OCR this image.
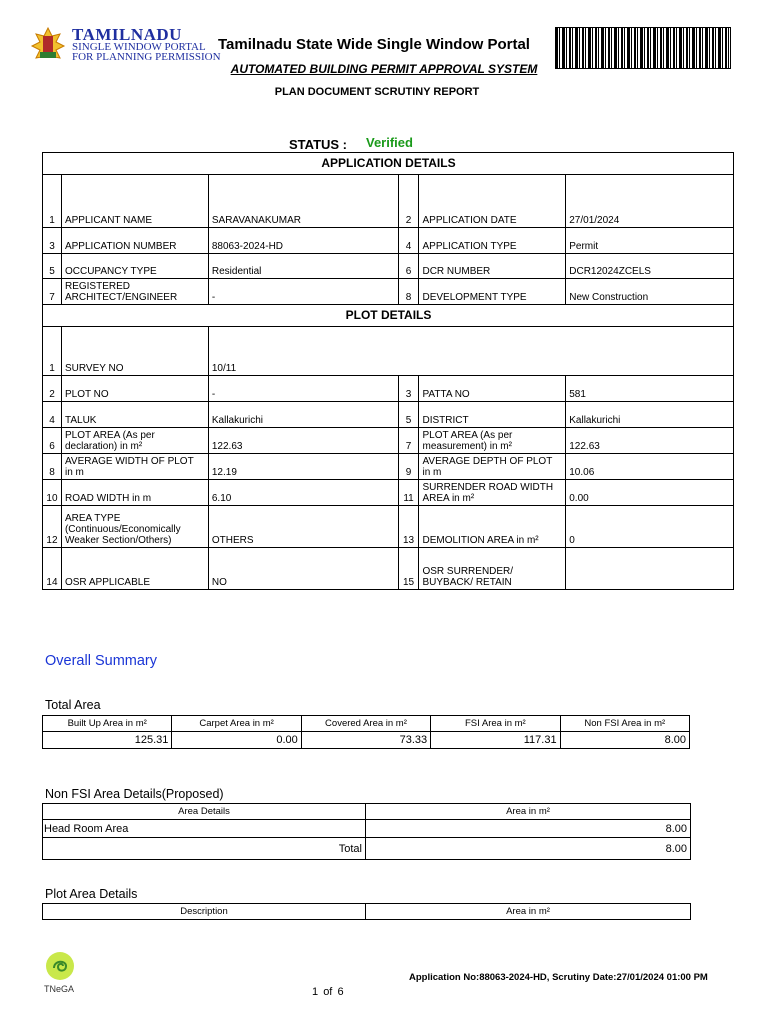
TAMILNADU
SINGLE WINDOW PORTAL
FOR PLANNING PERMISSION
Tamilnadu State Wide Single Window Portal
AUTOMATED BUILDING PERMIT APPROVAL SYSTEM
PLAN DOCUMENT SCRUTINY REPORT
STATUS : Verified
APPLICATION DETAILS					
1	APPLICANT NAME	SARAVANAKUMAR	2	APPLICATION DATE	27/01/2024
3	APPLICATION NUMBER	88063-2024-HD	4	APPLICATION TYPE	Permit
5	OCCUPANCY TYPE	Residential	6	DCR NUMBER	DCR12024ZCELS
7	REGISTERED
ARCHITECT/ENGINEER	-	8	DEVELOPMENT TYPE	New Construction
PLOT DETAILS					
1	SURVEY NO	10/11			
2	PLOT NO	-	3	PATTA NO	581
4	TALUK	Kallakurichi	5	DISTRICT	Kallakurichi
6	PLOT AREA (As per
declaration) in m²	122.63	7	PLOT AREA (As per
measurement) in m²	122.63
8	AVERAGE WIDTH OF PLOT
in m	12.19	9	AVERAGE DEPTH OF PLOT
in m	10.06
10	ROAD WIDTH in m	6.10	11	SURRENDER ROAD WIDTH
AREA in m²	0.00
12	AREA TYPE
(Continuous/Economically
Weaker Section/Others)	OTHERS	13	DEMOLITION AREA in m²	0
14	OSR APPLICABLE	NO	15	OSR SURRENDER/
BUYBACK/ RETAIN	
Overall Summary
Total Area
Built Up Area in m²	Carpet Area in m²	Covered Area in m²	FSI Area in m²	Non FSI Area in m²
125.31	0.00	73.33	117.31	8.00
Non FSI Area Details(Proposed)
Area Details	Area in m²
Head Room Area	8.00
Total	8.00
Plot Area Details
Description	Area in m²
TNeGA
Application No:88063-2024-HD, Scrutiny Date:27/01/2024 01:00 PM
1 of 6
